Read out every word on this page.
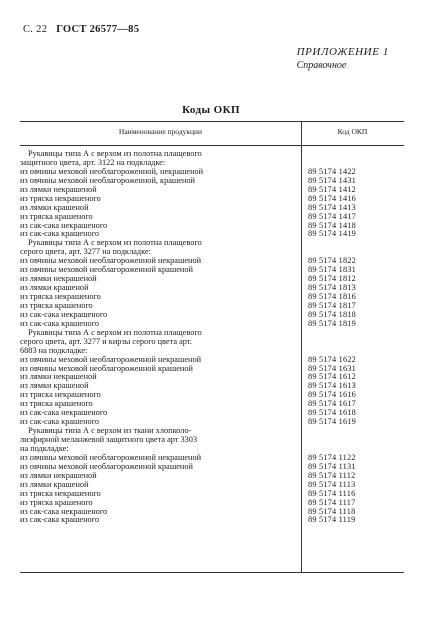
С. 22 ГОСТ 26577—85
ПРИЛОЖЕНИЕ 1
Справочное
Коды ОКП
Наименование продукции	Код ОКП
Рукавицы типа А с верхом из полотна плащевого
защитного цвета, арт. 3122 на подкладке:
из овчины меховой необлагороженной, некрашеной	89 5174 1422
из овчины меховой необлагороженной, крашеной	89 5174 1431
из лямки некрашеной	89 5174 1412
из тряска некрашеного	89 5174 1416
из лямки крашеной	89 5174 1413
из тряска крашеного	89 5174 1417
из сак-сака некрашеного	89 5174 1418
из сак-сака крашеного	89 5174 1419
Рукавицы типа А с верхом из полотна плащевого
серого цвета, арт. 3277 на подкладке:
из овчины меховой необлагороженной некрашеной	89 5174 1822
из овчины меховой необлагороженной крашеной	89 5174 1831
из лямки некрашеной	89 5174 1812
из лямки крашеной	89 5174 1813
из тряска некрашеного	89 5174 1816
из тряска крашеного	89 5174 1817
из сак-сака некрашеного	89 5174 1818
из сак-сака крашеного	89 5174 1819
Рукавицы типа А с верхом из полотна плащевого
серого цвета, арт. 3277 и кирзы серого цвета арт.
6883 на подкладке:
из овчины меховой необлагороженной некрашеной	89 5174 1622
из овчины меховой необлагороженной крашеной	89 5174 1631
из лямки некрашеной	89 5174 1612
из лямки крашеной	89 5174 1613
из тряска некрашеного	89 5174 1616
из тряска крашеного	89 5174 1617
из сак-сака некрашеного	89 5174 1618
из сак-сака крашеного	89 5174 1619
Рукавицы типа А с верхом из ткани хлопколо-
лиэфирной меланжевой защитного цвета арт 3303
на подкладке:
из овчины меховой необлагороженной некрашеной	89 5174 1122
из овчины меховой необлагороженной крашеной	89 5174 1131
из лямки некрашеной	89 5174 1112
из лямки крашеной	89 5174 1113
из тряска некрашеного	89 5174 1116
из тряска крашеного	89 5174 1117
из сак-сака некрашеного	89 5174 1118
из сак-сака крашеного	89 5174 1119
